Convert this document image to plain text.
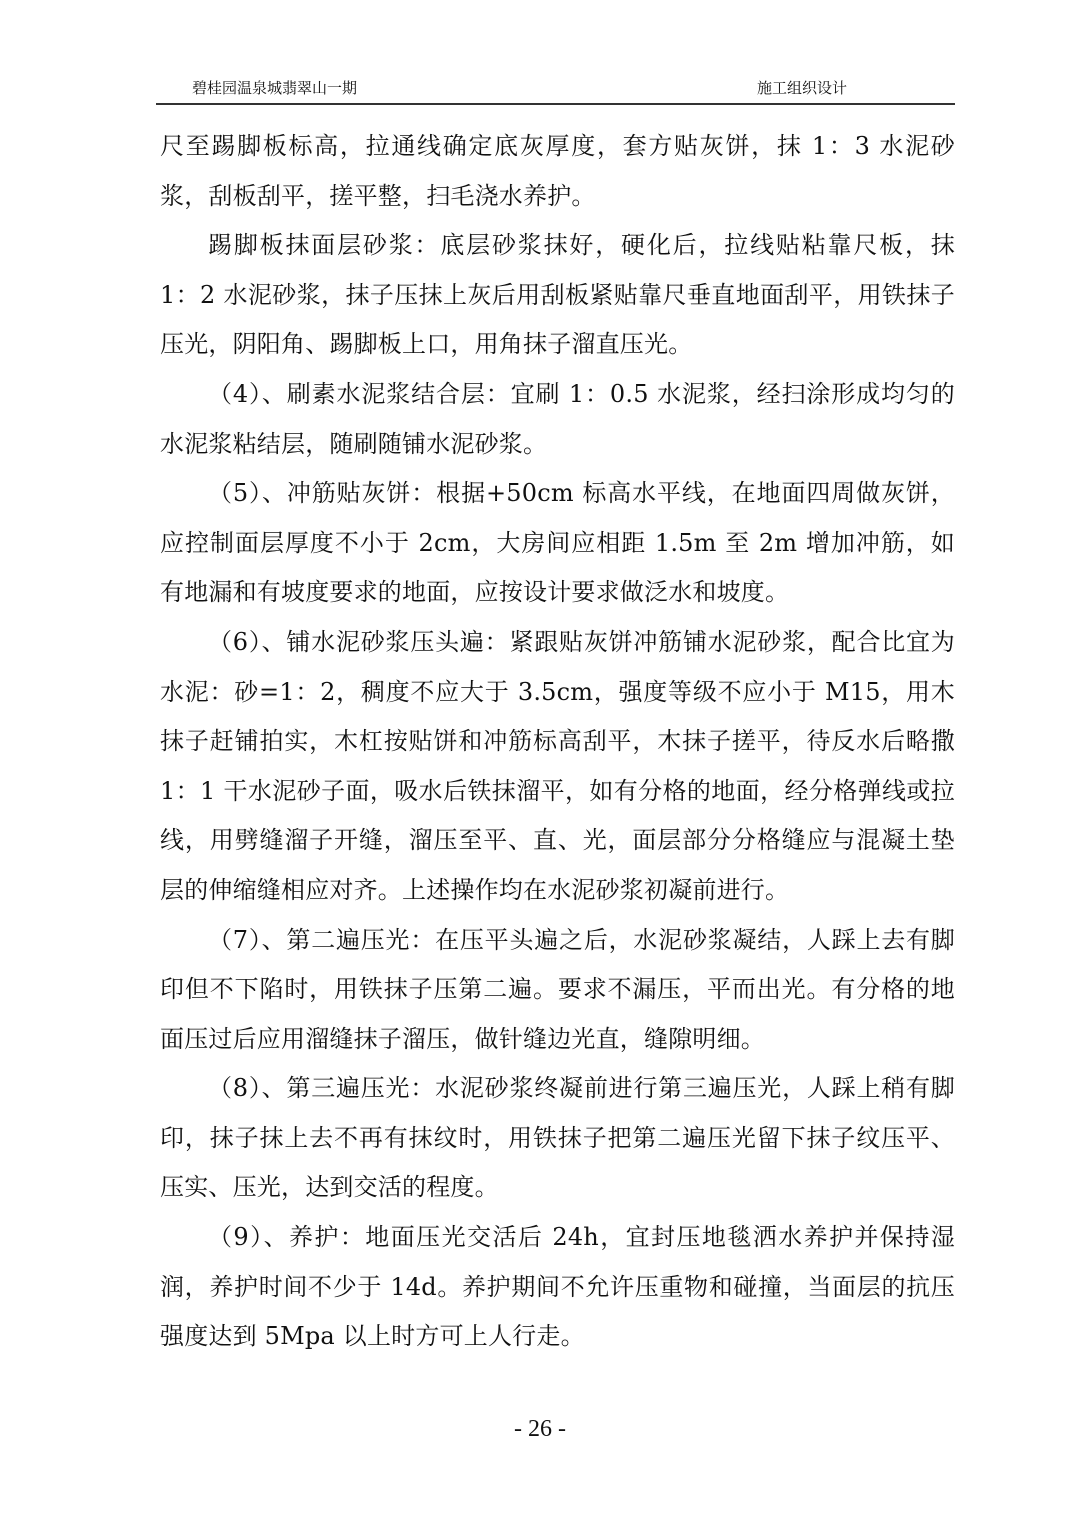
碧桂园温泉城翡翠山一期	施工组织设计

尺至踢脚板标高，拉通线确定底灰厚度，套方贴灰饼，抹 1：3 水泥砂浆，刮板刮平，搓平整，扫毛浇水养护。

踢脚板抹面层砂浆：底层砂浆抹好，硬化后，拉线贴粘靠尺板，抹 1：2 水泥砂浆，抹子压抹上灰后用刮板紧贴靠尺垂直地面刮平，用铁抹子压光，阴阳角、踢脚板上口，用角抹子溜直压光。

（4）、刷素水泥浆结合层：宜刷 1：0.5 水泥浆，经扫涂形成均匀的水泥浆粘结层，随刷随铺水泥砂浆。

（5）、冲筋贴灰饼：根据+50cm 标高水平线，在地面四周做灰饼，应控制面层厚度不小于 2cm，大房间应相距 1.5m 至 2m 增加冲筋，如有地漏和有坡度要求的地面，应按设计要求做泛水和坡度。

（6）、铺水泥砂浆压头遍：紧跟贴灰饼冲筋铺水泥砂浆，配合比宜为水泥：砂=1：2，稠度不应大于 3.5cm，强度等级不应小于 M15，用木抹子赶铺拍实，木杠按贴饼和冲筋标高刮平，木抹子搓平，待反水后略撒 1：1 干水泥砂子面，吸水后铁抹溜平，如有分格的地面，经分格弹线或拉线，用劈缝溜子开缝，溜压至平、直、光，面层部分分格缝应与混凝土垫层的伸缩缝相应对齐。上述操作均在水泥砂浆初凝前进行。

（7）、第二遍压光：在压平头遍之后，水泥砂浆凝结，人踩上去有脚印但不下陷时，用铁抹子压第二遍。要求不漏压，平而出光。有分格的地面压过后应用溜缝抹子溜压，做针缝边光直，缝隙明细。

（8）、第三遍压光：水泥砂浆终凝前进行第三遍压光，人踩上稍有脚印，抹子抹上去不再有抹纹时，用铁抹子把第二遍压光留下抹子纹压平、压实、压光，达到交活的程度。

（9）、养护：地面压光交活后 24h，宜封压地毯洒水养护并保持湿润，养护时间不少于 14d。养护期间不允许压重物和碰撞，当面层的抗压强度达到 5Mpa 以上时方可上人行走。

- 26 -
